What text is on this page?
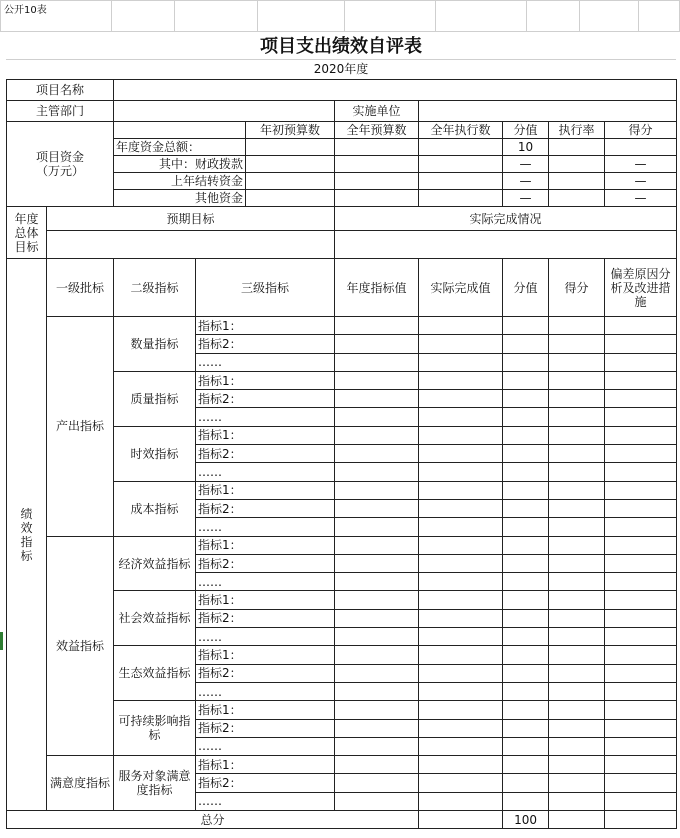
公开10表								
项目支出绩效自评表
2020年度
项目名称									
主管部门					实施单位				
项目资金
（万元）				年初预算数	全年预算数	全年执行数	分值	执行率	得分
		年度资金总额：					10		
		其中：财政拨款					—		—
		上年结转资金					—		—
		其他资金					—		—
年度
总体
目标	预期目标				实际完成情况				

绩
效
指
标	一级批标	二级指标	三级指标		年度指标值	实际完成值	分值	得分	偏差原因分析及改进措施
	产出指标	数量指标	指标1：						
			指标2：						
			……						
		质量指标	指标1：						
			指标2：						
			……						
		时效指标	指标1：						
			指标2：						
			……						
		成本指标	指标1：						
			指标2：						
			……						
	效益指标	经济效益指标	指标1：						
			指标2：						
			……						
		社会效益指标	指标1：						
			指标2：						
			……						
		生态效益指标	指标1：						
			指标2：						
			……						
		可持续影响指标	指标1：						
			指标2：						
			……						
	满意度指标	服务对象满意度指标	指标1：						
			指标2：						
			……						
总分							100		
